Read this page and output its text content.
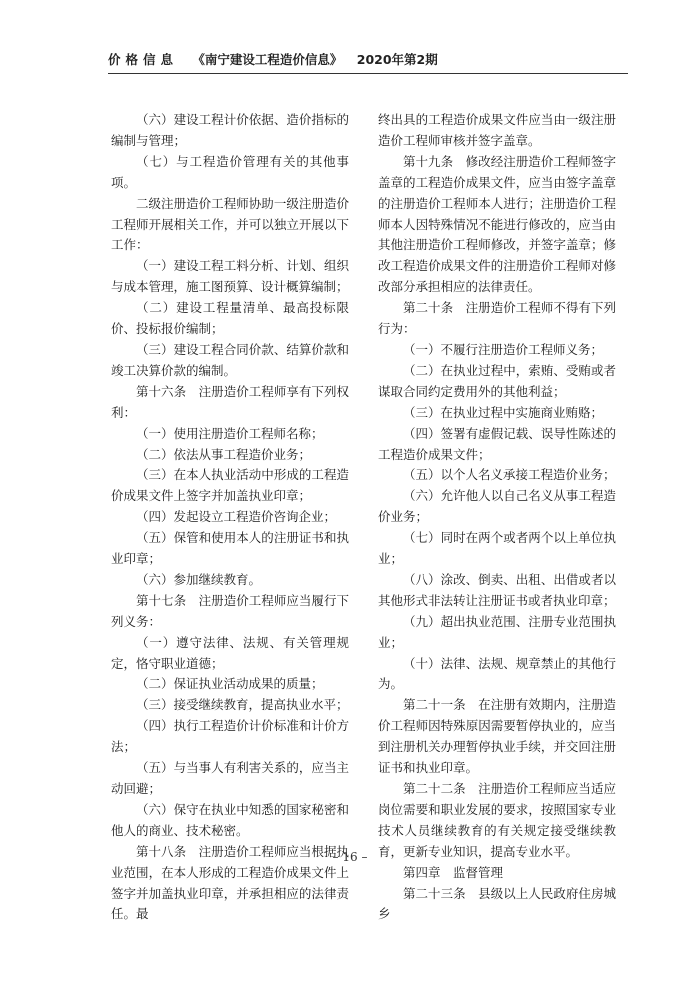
价格信息 《南宁建设工程造价信息》 2020年第2期

（六）建设工程计价依据、造价指标的编制与管理；

（七）与工程造价管理有关的其他事项。

二级注册造价工程师协助一级注册造价工程师开展相关工作，并可以独立开展以下工作：

（一）建设工程工料分析、计划、组织与成本管理，施工图预算、设计概算编制；

（二）建设工程量清单、最高投标限价、投标报价编制；

（三）建设工程合同价款、结算价款和竣工决算价款的编制。

第十六条　注册造价工程师享有下列权利：

（一）使用注册造价工程师名称；

（二）依法从事工程造价业务；

（三）在本人执业活动中形成的工程造价成果文件上签字并加盖执业印章；

（四）发起设立工程造价咨询企业；

（五）保管和使用本人的注册证书和执业印章；

（六）参加继续教育。

第十七条　注册造价工程师应当履行下列义务：

（一）遵守法律、法规、有关管理规定，恪守职业道德；

（二）保证执业活动成果的质量；

（三）接受继续教育，提高执业水平；

（四）执行工程造价计价标准和计价方法；

（五）与当事人有利害关系的，应当主动回避；

（六）保守在执业中知悉的国家秘密和他人的商业、技术秘密。

第十八条　注册造价工程师应当根据执业范围，在本人形成的工程造价成果文件上签字并加盖执业印章，并承担相应的法律责任。最

终出具的工程造价成果文件应当由一级注册造价工程师审核并签字盖章。

第十九条　修改经注册造价工程师签字盖章的工程造价成果文件，应当由签字盖章的注册造价工程师本人进行；注册造价工程师本人因特殊情况不能进行修改的，应当由其他注册造价工程师修改，并签字盖章；修改工程造价成果文件的注册造价工程师对修改部分承担相应的法律责任。

第二十条　注册造价工程师不得有下列行为：

（一）不履行注册造价工程师义务；

（二）在执业过程中，索贿、受贿或者谋取合同约定费用外的其他利益；

（三）在执业过程中实施商业贿赂；

（四）签署有虚假记载、误导性陈述的工程造价成果文件；

（五）以个人名义承接工程造价业务；

（六）允许他人以自己名义从事工程造价业务；

（七）同时在两个或者两个以上单位执业；

（八）涂改、倒卖、出租、出借或者以其他形式非法转让注册证书或者执业印章；

（九）超出执业范围、注册专业范围执业；

（十）法律、法规、规章禁止的其他行为。

第二十一条　在注册有效期内，注册造价工程师因特殊原因需要暂停执业的，应当到注册机关办理暂停执业手续，并交回注册证书和执业印章。

第二十二条　注册造价工程师应当适应岗位需要和职业发展的要求，按照国家专业技术人员继续教育的有关规定接受继续教育，更新专业知识，提高专业水平。

第四章　监督管理

第二十三条　县级以上人民政府住房城乡

– 16 –
